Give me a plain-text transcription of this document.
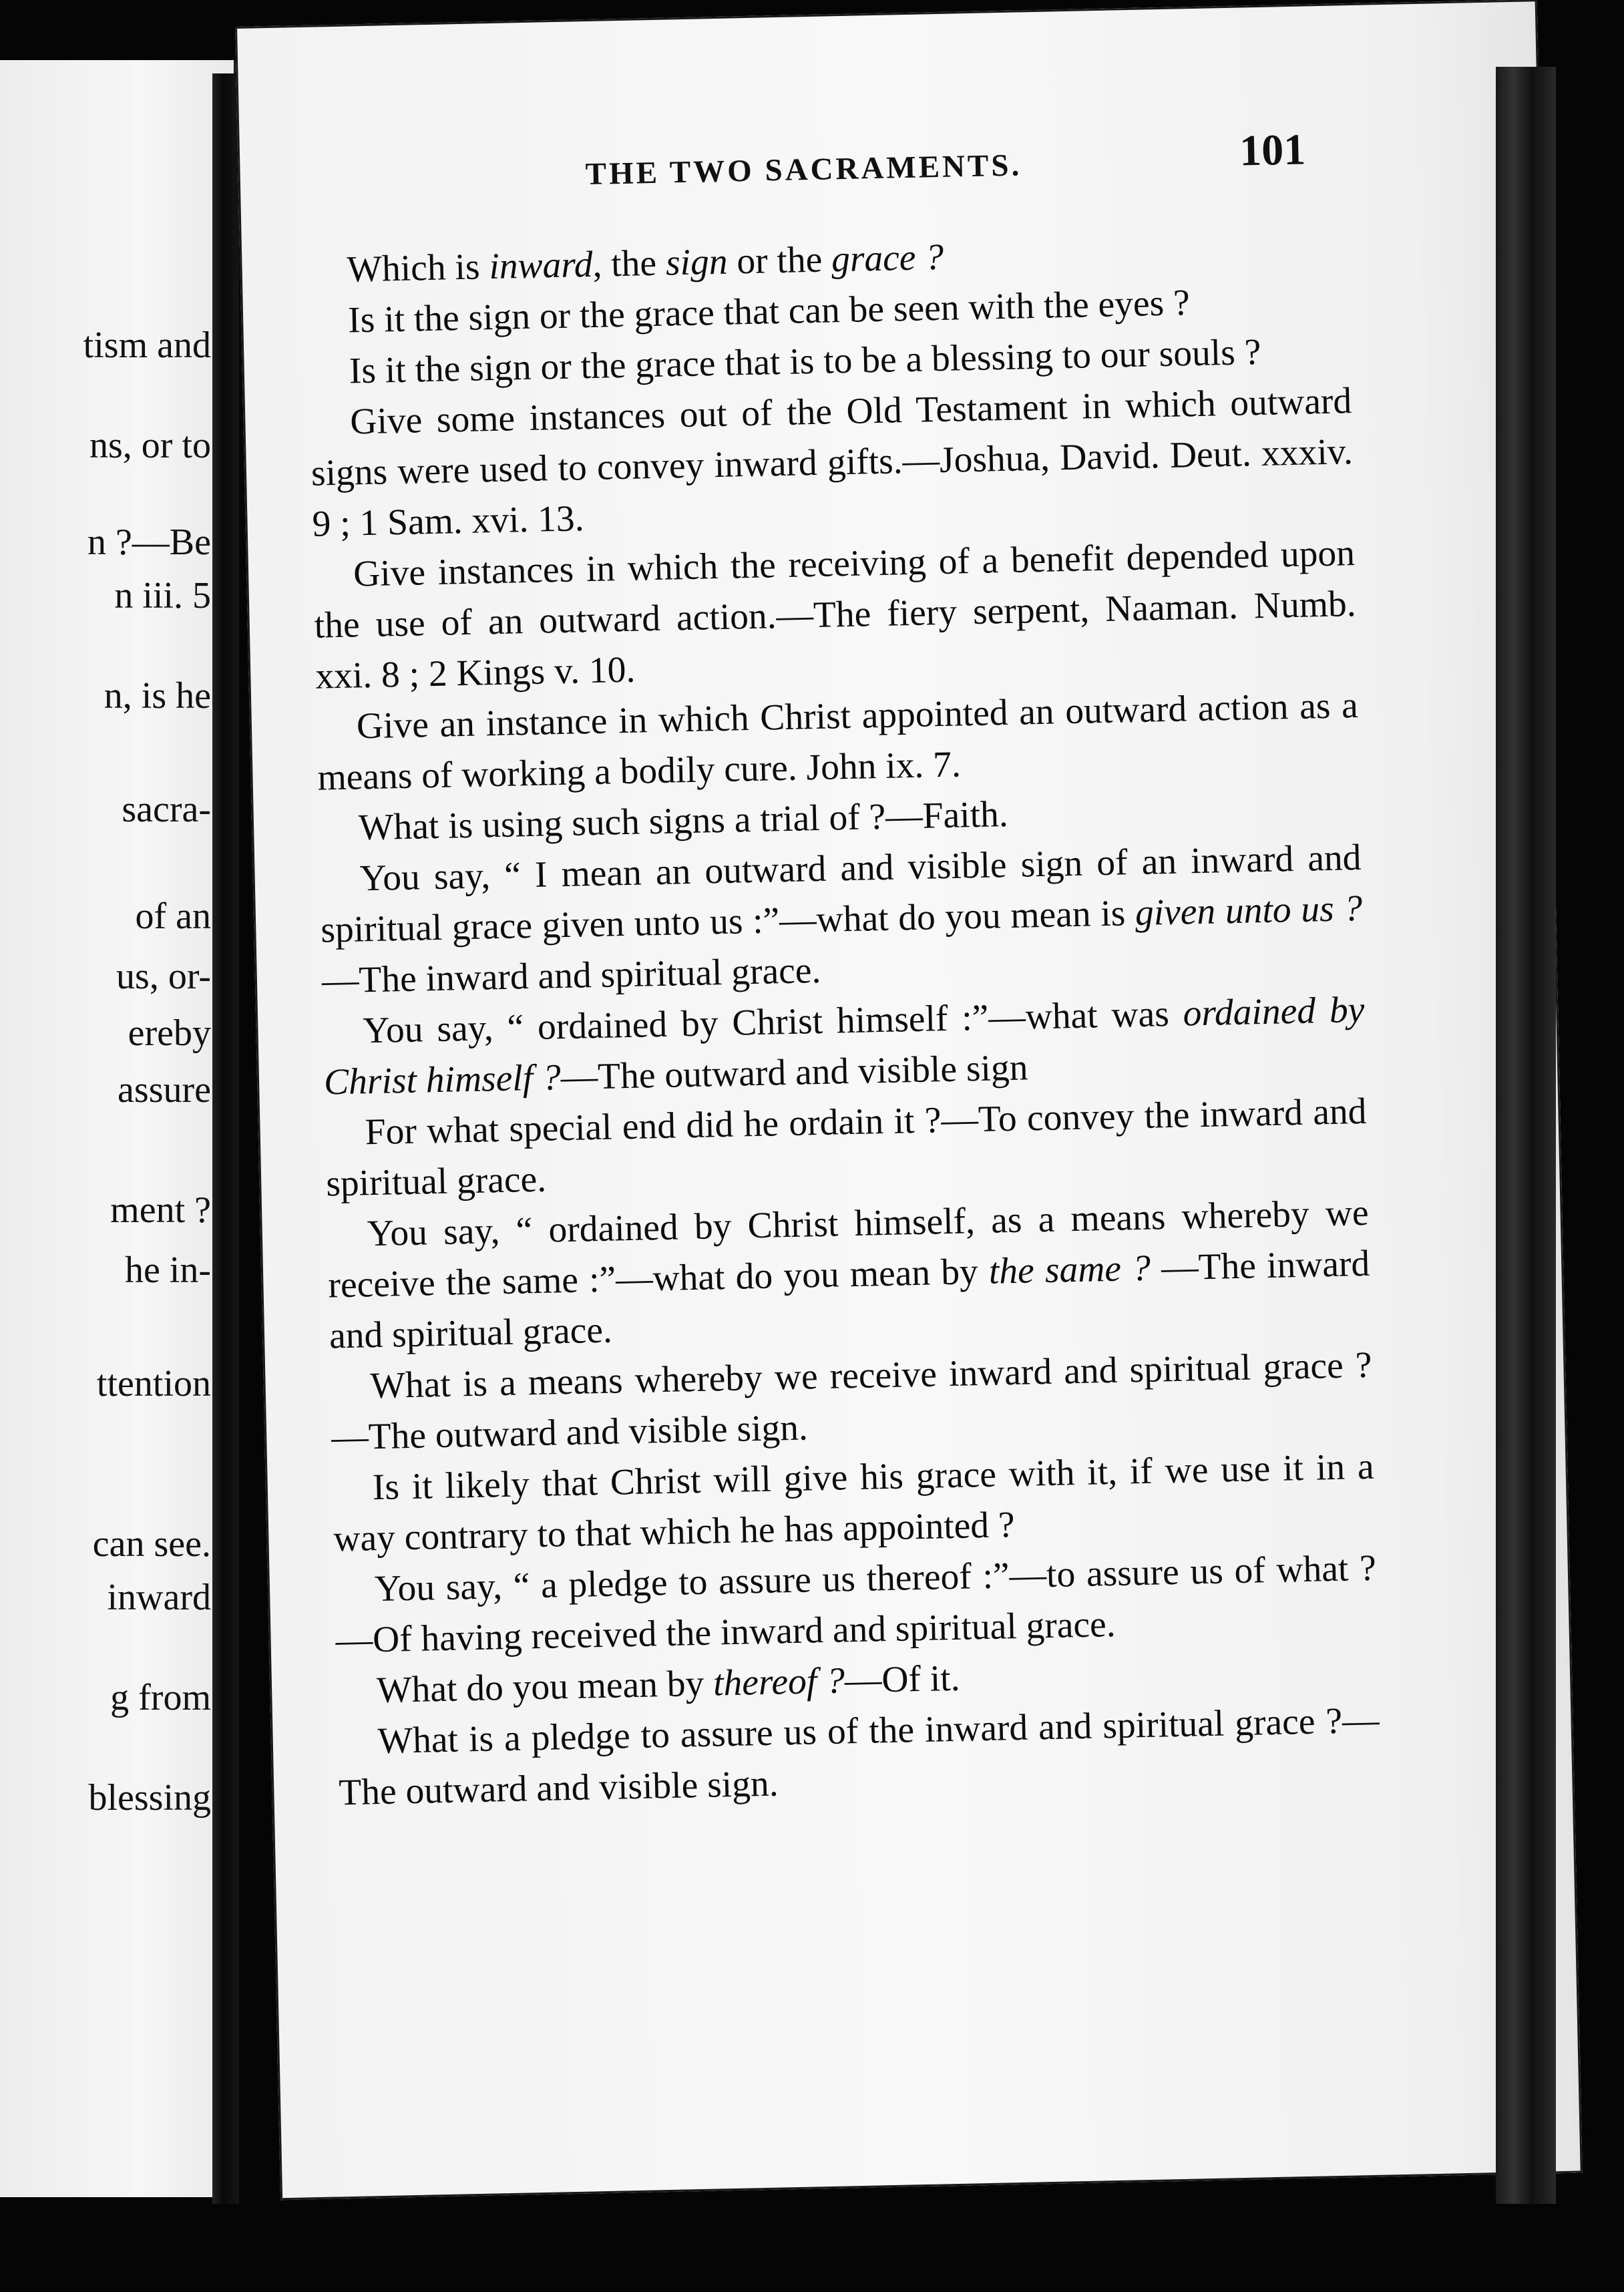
tism and
ns, or to
n ?—Be
n iii. 5
n, is he
sacra-
of an
us, or-
ereby
assure
ment ?
he in-
ttention
can see.
inward
g from
blessing
THE TWO SACRAMENTS.	101

Which is inward, the sign or the grace ?

Is it the sign or the grace that can be seen with the eyes ?

Is it the sign or the grace that is to be a blessing to our souls ?

Give some instances out of the Old Testament in which outward signs were used to convey inward gifts.—Joshua, David. Deut. xxxiv. 9 ; 1 Sam. xvi. 13.

Give instances in which the receiving of a benefit depended upon the use of an outward action.—The fiery serpent, Naaman. Numb. xxi. 8 ; 2 Kings v. 10.

Give an instance in which Christ appointed an outward action as a means of working a bodily cure. John ix. 7.

What is using such signs a trial of ?—Faith.

You say, “ I mean an outward and visible sign of an inward and spiritual grace given unto us :”—what do you mean is given unto us ?—The inward and spiritual grace.

You say, “ ordained by Christ himself :”—what was ordained by Christ himself ?—The outward and visible sign

For what special end did he ordain it ?—To convey the inward and spiritual grace.

You say, “ ordained by Christ himself, as a means whereby we receive the same :”—what do you mean by the same ? —The inward and spiritual grace.

What is a means whereby we receive inward and spiritual grace ?—The outward and visible sign.

Is it likely that Christ will give his grace with it, if we use it in a way contrary to that which he has appointed ?

You say, “ a pledge to assure us thereof :”—to assure us of what ?—Of having received the inward and spiritual grace.

What do you mean by thereof ?—Of it.

What is a pledge to assure us of the inward and spiritual grace ?—The outward and visible sign.
